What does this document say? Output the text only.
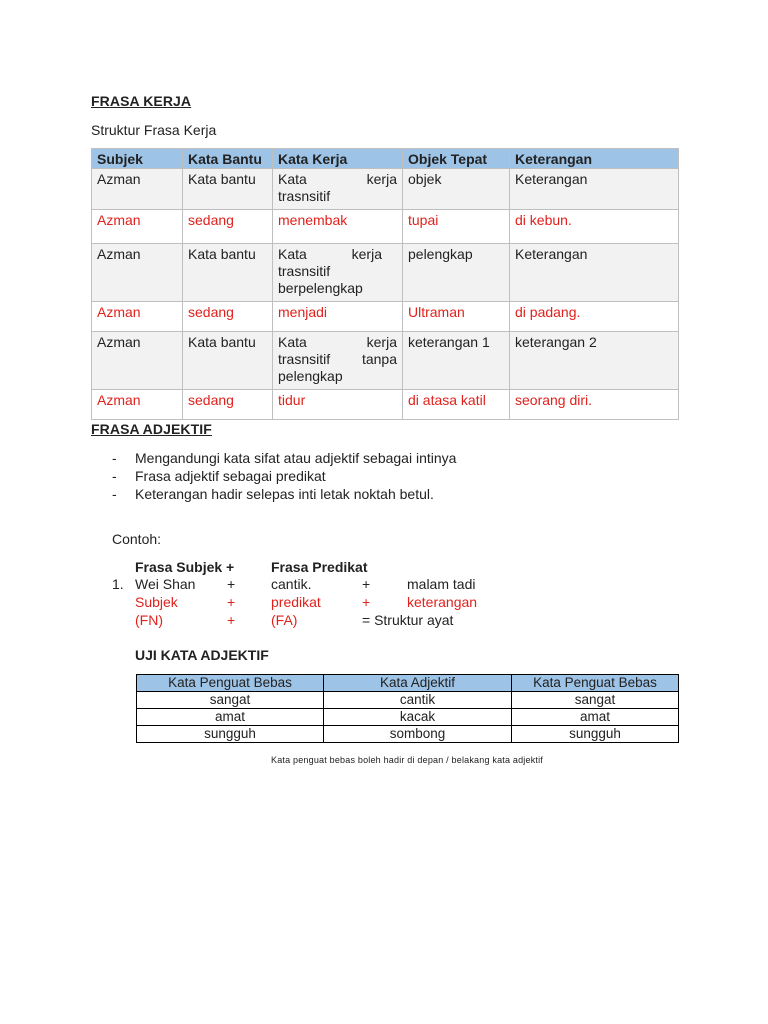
FRASA KERJA
Struktur Frasa Kerja
Subjek	Kata Bantu	Kata Kerja	Objek Tepat	Keterangan
Azman	Kata bantu	Kata kerja trasnsitif	objek	Keterangan
Azman	sedang	menembak	tupai	di kebun.
Azman	Kata bantu	Kata kerja trasnsitif berpelengkap	pelengkap	Keterangan
Azman	sedang	menjadi	Ultraman	di padang.
Azman	Kata bantu	Kata kerja trasnsitif tanpa pelengkap	keterangan 1	keterangan 2
Azman	sedang	tidur	di atasa katil	seorang diri.
FRASA ADJEKTIF
- Mengandungi kata sifat atau adjektif sebagai intinya
- Frasa adjektif sebagai predikat
- Keterangan hadir selepas inti letak noktah betul.
Contoh:
Frasa Subjek +	Frasa Predikat
1. Wei Shan +	cantik.	+	malam tadi
Subjek	+	predikat	+	keterangan
(FN)	+	(FA)	= Struktur ayat
UJI KATA ADJEKTIF
Kata Penguat Bebas	Kata Adjektif	Kata Penguat Bebas
sangat	cantik	sangat
amat	kacak	amat
sungguh	sombong	sungguh
Kata penguat bebas boleh hadir di depan / belakang kata adjektif
